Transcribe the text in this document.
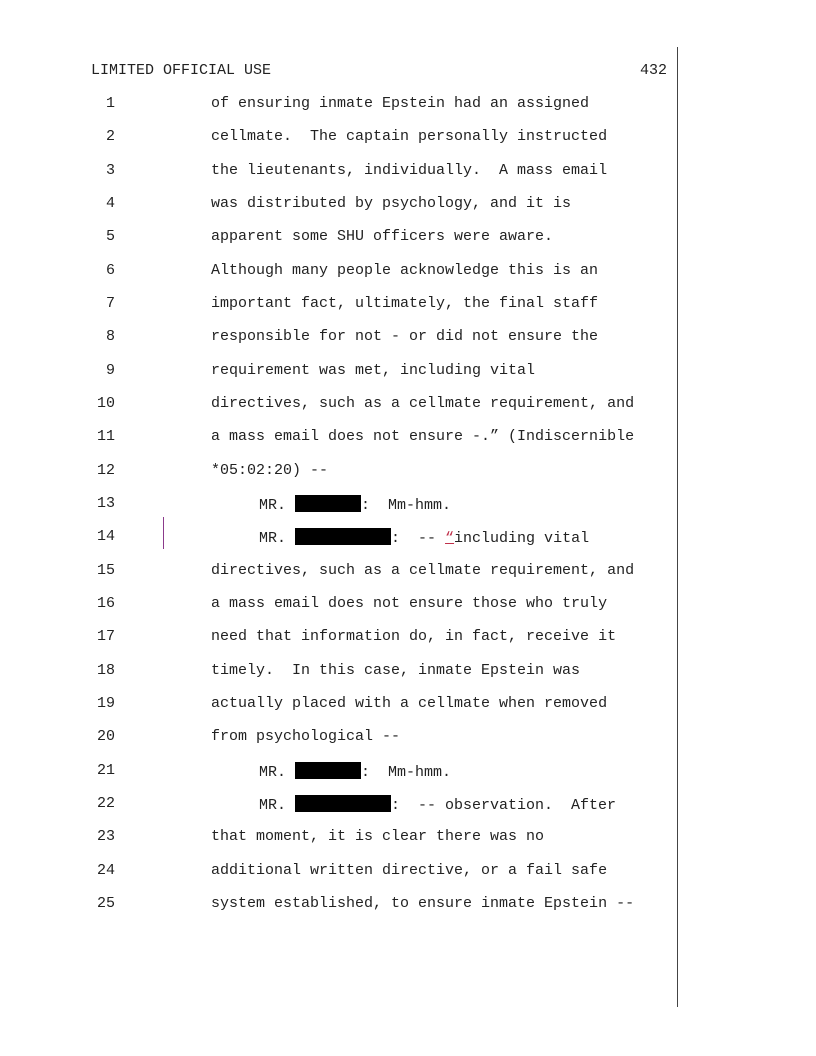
LIMITED OFFICIAL USE	432
1	of ensuring inmate Epstein had an assigned
2	cellmate.  The captain personally instructed
3	the lieutenants, individually.  A mass email
4	was distributed by psychology, and it is
5	apparent some SHU officers were aware.
6	Although many people acknowledge this is an
7	important fact, ultimately, the final staff
8	responsible for not - or did not ensure the
9	requirement was met, including vital
10	directives, such as a cellmate requirement, and
11	a mass email does not ensure -.” (Indiscernible
12	*05:02:20) --
13	MR.	:  Mm-hmm.
14	MR.	:  -- “including vital
15	directives, such as a cellmate requirement, and
16	a mass email does not ensure those who truly
17	need that information do, in fact, receive it
18	timely.  In this case, inmate Epstein was
19	actually placed with a cellmate when removed
20	from psychological --
21	MR.	:  Mm-hmm.
22	MR.	:  -- observation.  After
23	that moment, it is clear there was no
24	additional written directive, or a fail safe
25	system established, to ensure inmate Epstein --
